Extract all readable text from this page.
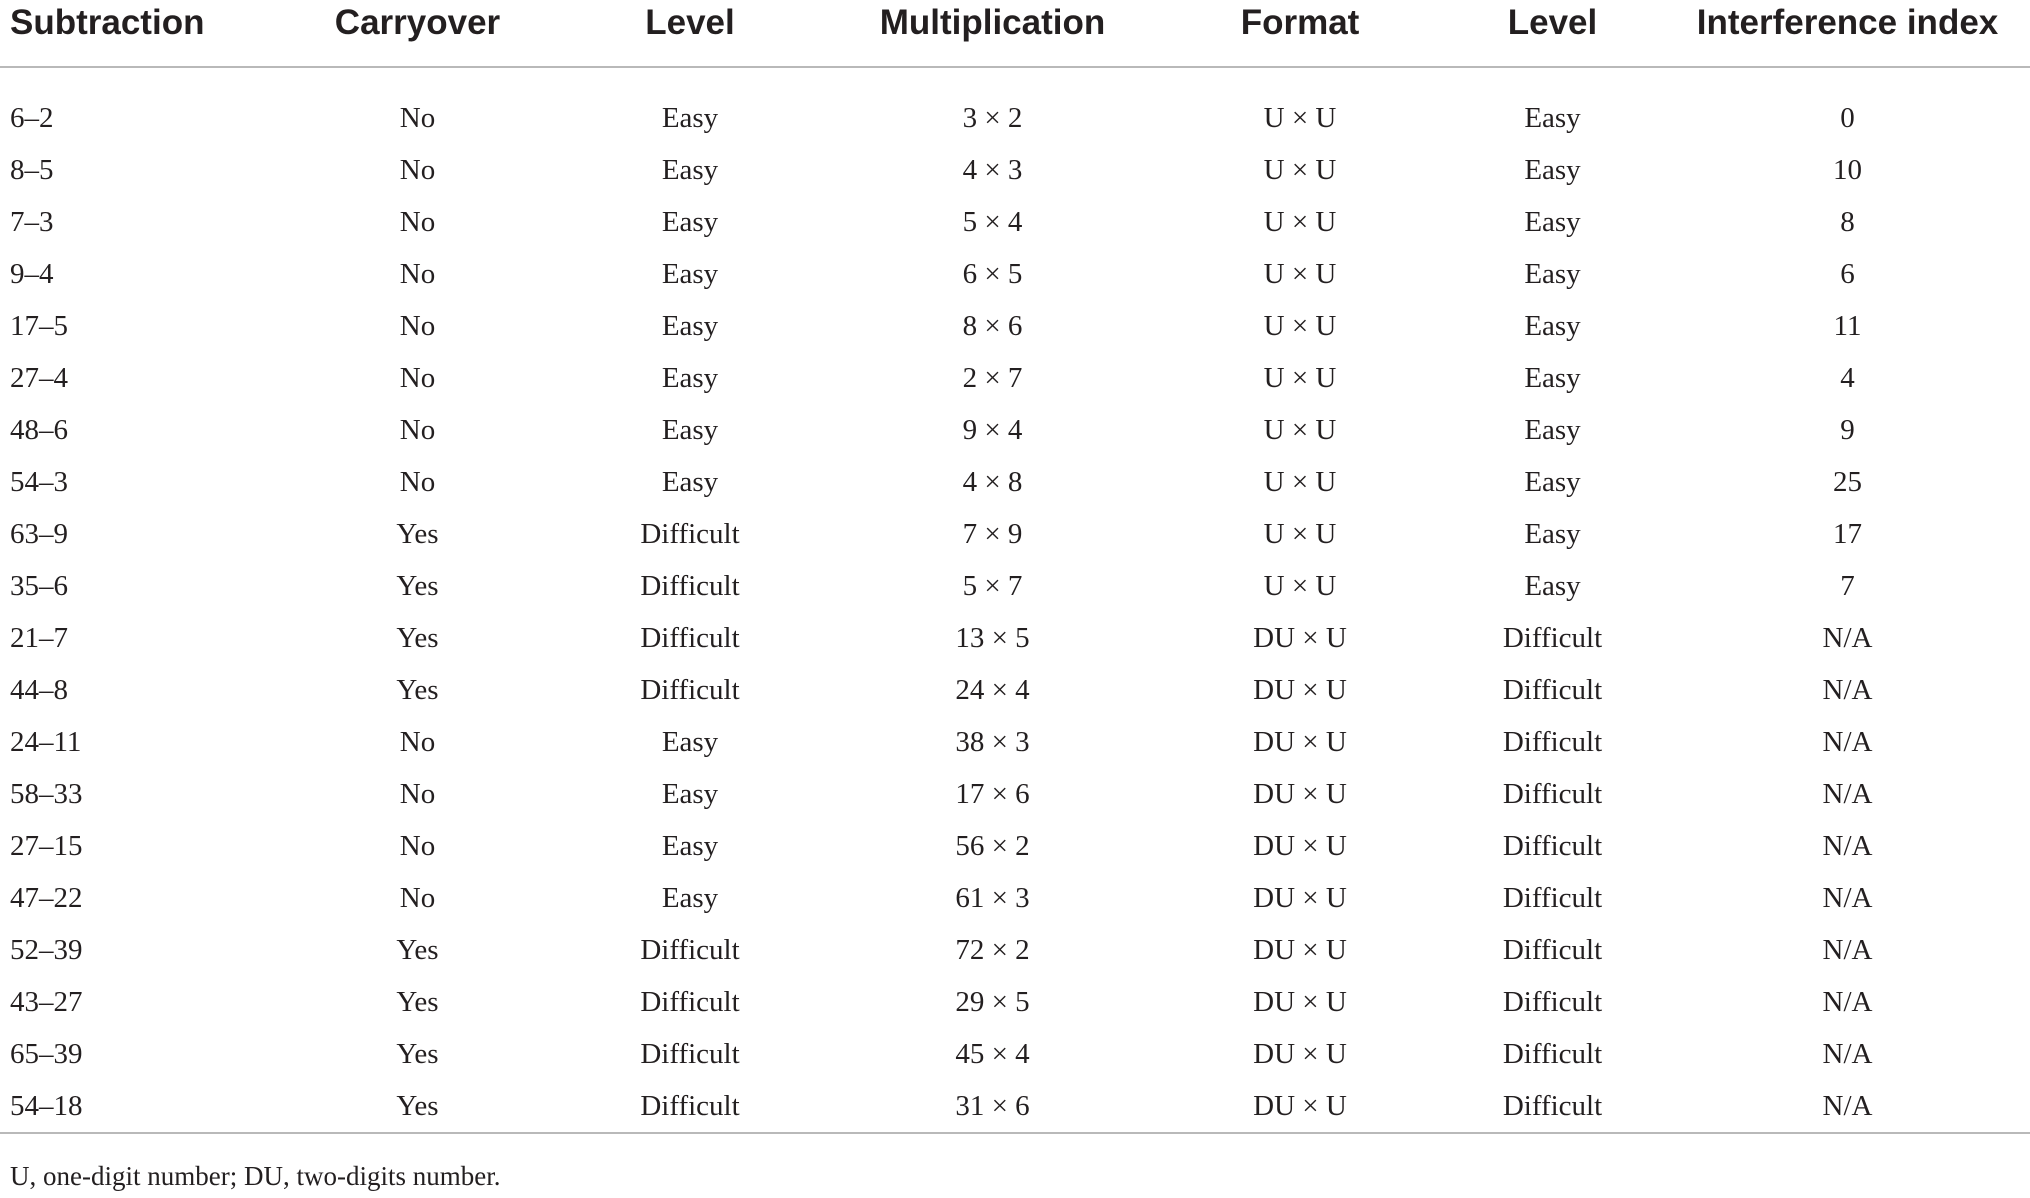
Subtraction	Carryover	Level	Multiplication	Format	Level	Interference index

6–2	No	Easy	3 × 2	U × U	Easy	0
8–5	No	Easy	4 × 3	U × U	Easy	10
7–3	No	Easy	5 × 4	U × U	Easy	8
9–4	No	Easy	6 × 5	U × U	Easy	6
17–5	No	Easy	8 × 6	U × U	Easy	11
27–4	No	Easy	2 × 7	U × U	Easy	4
48–6	No	Easy	9 × 4	U × U	Easy	9
54–3	No	Easy	4 × 8	U × U	Easy	25
63–9	Yes	Difficult	7 × 9	U × U	Easy	17
35–6	Yes	Difficult	5 × 7	U × U	Easy	7
21–7	Yes	Difficult	13 × 5	DU × U	Difficult	N/A
44–8	Yes	Difficult	24 × 4	DU × U	Difficult	N/A
24–11	No	Easy	38 × 3	DU × U	Difficult	N/A
58–33	No	Easy	17 × 6	DU × U	Difficult	N/A
27–15	No	Easy	56 × 2	DU × U	Difficult	N/A
47–22	No	Easy	61 × 3	DU × U	Difficult	N/A
52–39	Yes	Difficult	72 × 2	DU × U	Difficult	N/A
43–27	Yes	Difficult	29 × 5	DU × U	Difficult	N/A
65–39	Yes	Difficult	45 × 4	DU × U	Difficult	N/A
54–18	Yes	Difficult	31 × 6	DU × U	Difficult	N/A
U, one-digit number; DU, two-digits number.
